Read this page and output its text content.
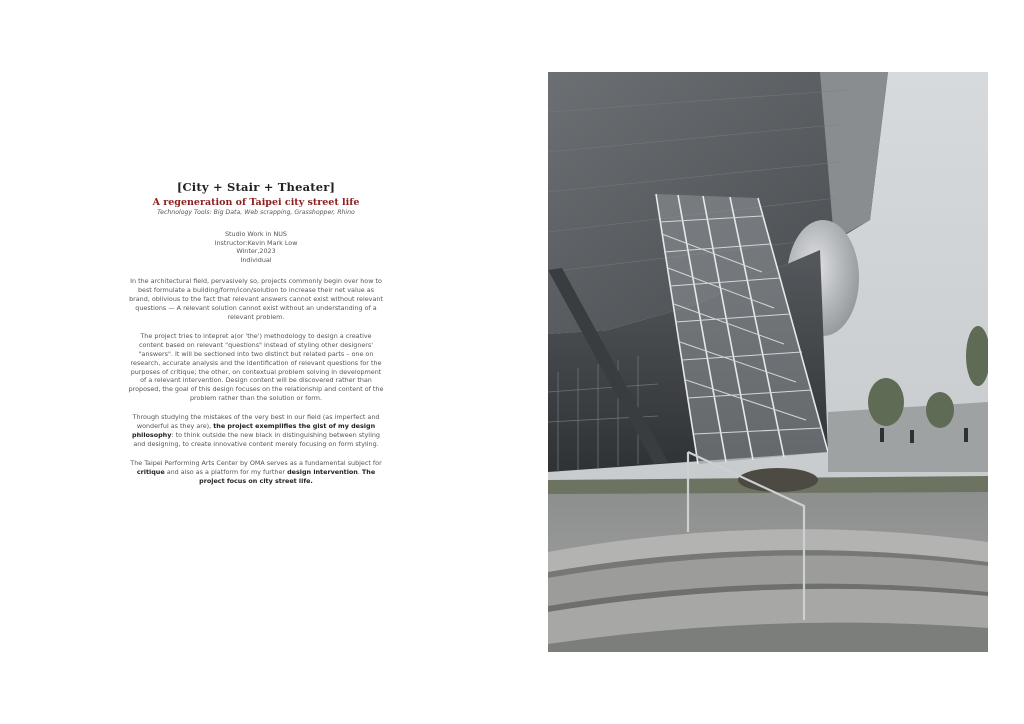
[City + Stair + Theater]
A regeneration of Taipei city street life

Technology Tools: Big Data, Web scrapping, Grasshopper, Rhino

Studio Work in NUS

Instructor:Kevin Mark Low

Winter,2023

Individual

In the architectural field, pervasively so, projects commonly begin over how to best formulate a building/form/icon/solution to increase their net value as brand, oblivious to the fact that relevant answers cannot exist without relevant questions — A relevant solution cannot exist without an understanding of a relevant problem.

The project tries to intepret a(or 'the') methodology to design a creative content based on relevant "questions" instead of styling other designers' "answers". It will be sectioned into two distinct but related parts – one on research, accurate analysis and the identification of relevant questions for the purposes of critique; the other, on contextual problem solving in development of a relevant intervention. Design content will be discovered rather than proposed, the goal of this design focuses on the relationship and content of the problem rather than the solution or form.

Through studying the mistakes of the very best in our field (as imperfect and wonderful as they are), the project exemplifies the gist of my design philosophy: to think outside the new black in distinguishing between styling and designing, to create innovative content merely focusing on form styling.

The Taipei Performing Arts Center by OMA serves as a fundamental subject for critique and also as a platform for my further design intervention. The project focus on city street life.
